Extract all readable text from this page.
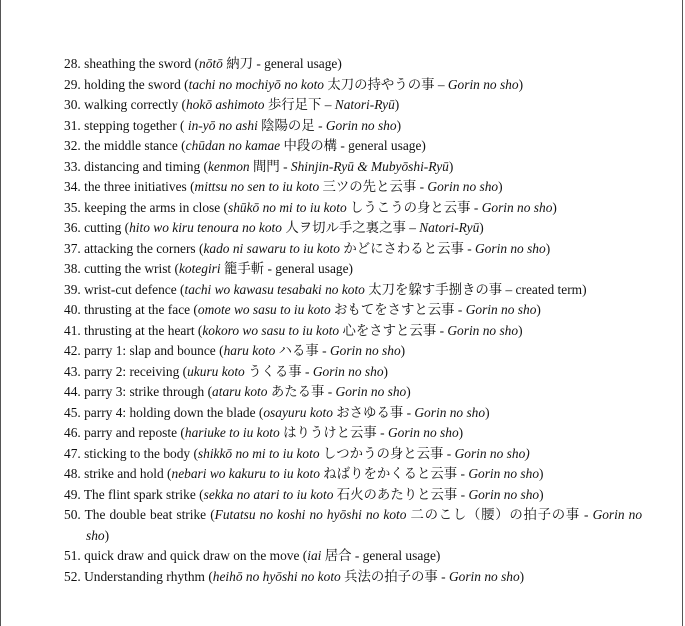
28. sheathing the sword (nōtō 納刀 - general usage)
29. holding the sword (tachi no mochiyō no koto 太刀の持やうの事 – Gorin no sho)
30. walking correctly (hokō ashimoto 歩行足下 – Natori-Ryū)
31. stepping together ( in-yō no ashi 陰陽の足 - Gorin no sho)
32. the middle stance (chūdan no kamae 中段の構 - general usage)
33. distancing and timing (kenmon 間門 - Shinjin-Ryū & Mubyōshi-Ryū)
34. the three initiatives (mittsu no sen to iu koto 三ツの先と云事 - Gorin no sho)
35. keeping the arms in close (shūkō no mi to iu koto しうこうの身と云事 - Gorin no sho)
36. cutting (hito wo kiru tenoura no koto 人ヲ切ル手之裏之事 – Natori-Ryū)
37. attacking the corners (kado ni sawaru to iu koto かどにさわると云事 - Gorin no sho)
38. cutting the wrist (kotegiri 籠手斬 - general usage)
39. wrist-cut defence (tachi wo kawasu tesabaki no koto 太刀を躱す手捌きの事 – created term)
40. thrusting at the face (omote wo sasu to iu koto おもてをさすと云事 - Gorin no sho)
41. thrusting at the heart (kokoro wo sasu to iu koto 心をさすと云事 - Gorin no sho)
42. parry 1: slap and bounce (haru koto ハる事 - Gorin no sho)
43. parry 2: receiving (ukuru koto うくる事 - Gorin no sho)
44. parry 3: strike through (ataru koto あたる事 - Gorin no sho)
45. parry 4: holding down the blade (osayuru koto おさゆる事 - Gorin no sho)
46. parry and reposte (hariuke to iu koto はりうけと云事 - Gorin no sho)
47. sticking to the body (shikkō no mi to iu koto しつかうの身と云事 - Gorin no sho)
48. strike and hold (nebari wo kakuru to iu koto ねばりをかくると云事 - Gorin no sho)
49. The flint spark strike (sekka no atari to iu koto 石火のあたりと云事 - Gorin no sho)
50. The double beat strike (Futatsu no koshi no hyōshi no koto 二のこし（腰）の拍子の事 - Gorin no sho)
51. quick draw and quick draw on the move (iai 居合 - general usage)
52. Understanding rhythm (heihō no hyōshi no koto 兵法の拍子の事 - Gorin no sho)
